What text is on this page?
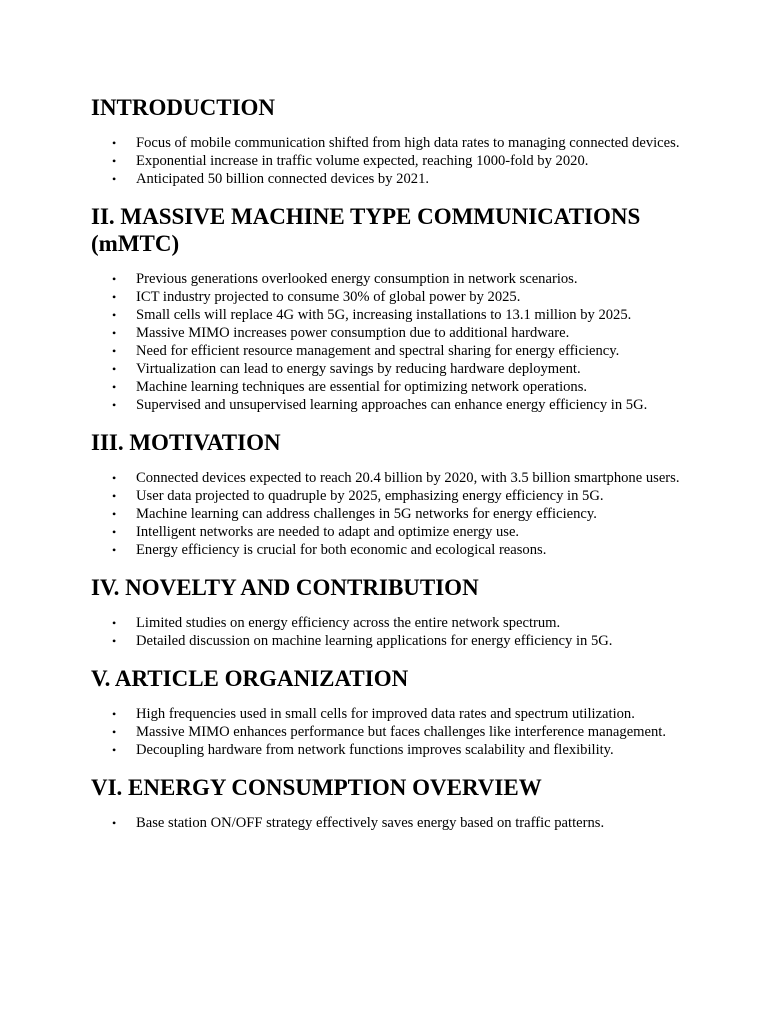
INTRODUCTION
• Focus of mobile communication shifted from high data rates to managing connected devices.
• Exponential increase in traffic volume expected, reaching 1000-fold by 2020.
• Anticipated 50 billion connected devices by 2021.
II. MASSIVE MACHINE TYPE COMMUNICATIONS (mMTC)
• Previous generations overlooked energy consumption in network scenarios.
• ICT industry projected to consume 30% of global power by 2025.
• Small cells will replace 4G with 5G, increasing installations to 13.1 million by 2025.
• Massive MIMO increases power consumption due to additional hardware.
• Need for efficient resource management and spectral sharing for energy efficiency.
• Virtualization can lead to energy savings by reducing hardware deployment.
• Machine learning techniques are essential for optimizing network operations.
• Supervised and unsupervised learning approaches can enhance energy efficiency in 5G.
III. MOTIVATION
• Connected devices expected to reach 20.4 billion by 2020, with 3.5 billion smartphone users.
• User data projected to quadruple by 2025, emphasizing energy efficiency in 5G.
• Machine learning can address challenges in 5G networks for energy efficiency.
• Intelligent networks are needed to adapt and optimize energy use.
• Energy efficiency is crucial for both economic and ecological reasons.
IV. NOVELTY AND CONTRIBUTION
• Limited studies on energy efficiency across the entire network spectrum.
• Detailed discussion on machine learning applications for energy efficiency in 5G.
V. ARTICLE ORGANIZATION
• High frequencies used in small cells for improved data rates and spectrum utilization.
• Massive MIMO enhances performance but faces challenges like interference management.
• Decoupling hardware from network functions improves scalability and flexibility.
VI. ENERGY CONSUMPTION OVERVIEW
• Base station ON/OFF strategy effectively saves energy based on traffic patterns.
